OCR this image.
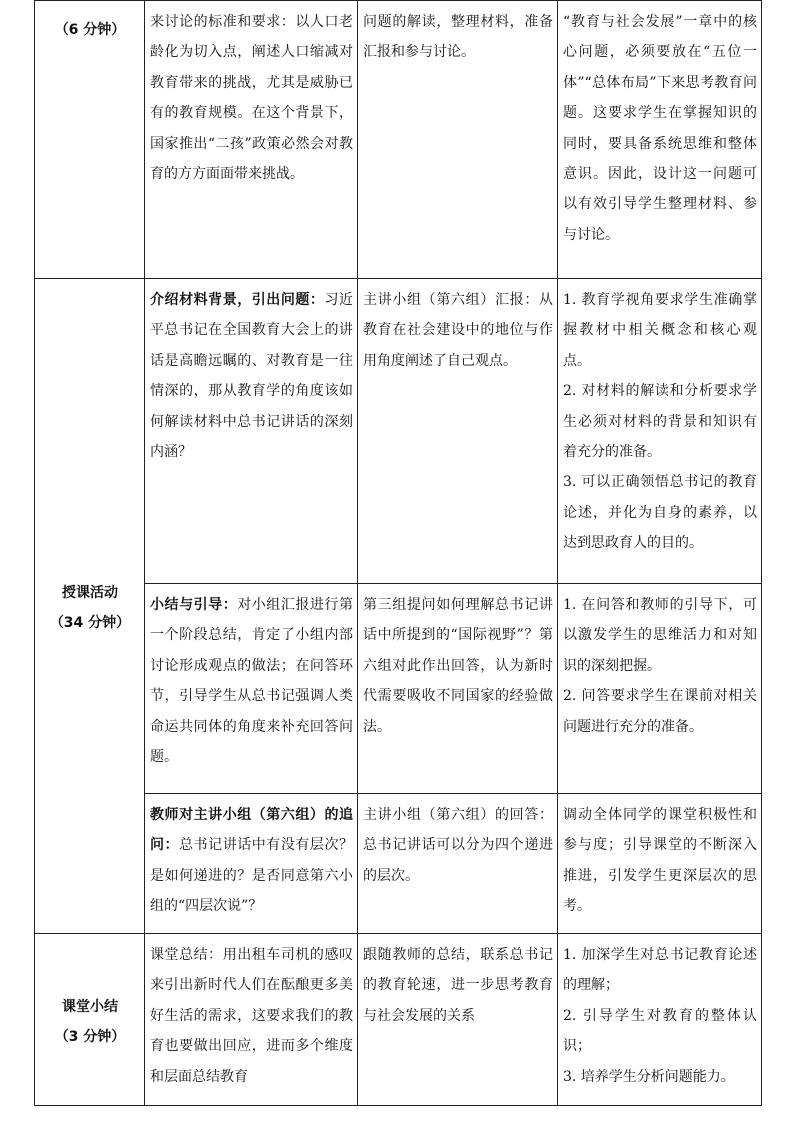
（6 分钟）	来讨论的标准和要求：以人口老龄化为切入点，阐述人口缩减对教育带来的挑战，尤其是威胁已有的教育规模。在这个背景下，国家推出“二孩”政策必然会对教育的方方面面带来挑战。	问题的解读，整理材料，准备汇报和参与讨论。	“教育与社会发展”一章中的核心问题，必须要放在“五位一体”“总体布局”下来思考教育问题。这要求学生在掌握知识的同时，要具备系统思维和整体意识。因此，设计这一问题可以有效引导学生整理材料、参与讨论。

授课活动
（34 分钟）	介绍材料背景，引出问题：习近平总书记在全国教育大会上的讲话是高瞻远瞩的、对教育是一往情深的，那从教育学的角度该如何解读材料中总书记讲话的深刻内涵？	主讲小组（第六组）汇报：从教育在社会建设中的地位与作用角度阐述了自己观点。	1. 教育学视角要求学生准确掌握教材中相关概念和核心观点。
2. 对材料的解读和分析要求学生必须对材料的背景和知识有着充分的准备。
3. 可以正确领悟总书记的教育论述，并化为自身的素养，以达到思政育人的目的。

	小结与引导：对小组汇报进行第一个阶段总结，肯定了小组内部讨论形成观点的做法；在问答环节，引导学生从总书记强调人类命运共同体的角度来补充回答问题。	第三组提问如何理解总书记讲话中所提到的“国际视野”？第六组对此作出回答，认为新时代需要吸收不同国家的经验做法。	1. 在问答和教师的引导下，可以激发学生的思维活力和对知识的深刻把握。
2. 问答要求学生在课前对相关问题进行充分的准备。

	教师对主讲小组（第六组）的追问：总书记讲话中有没有层次？是如何递进的？是否同意第六小组的“四层次说”？	主讲小组（第六组）的回答：总书记讲话可以分为四个递进的层次。	调动全体同学的课堂积极性和参与度；引导课堂的不断深入推进，引发学生更深层次的思考。

课堂小结
（3 分钟）	课堂总结：用出租车司机的感叹来引出新时代人们在酝酿更多美好生活的需求，这要求我们的教育也要做出回应，进而多个维度和层面总结教育	跟随教师的总结，联系总书记的教育轮速，进一步思考教育与社会发展的关系	1. 加深学生对总书记教育论述的理解；
2. 引导学生对教育的整体认识；
3. 培养学生分析问题能力。
